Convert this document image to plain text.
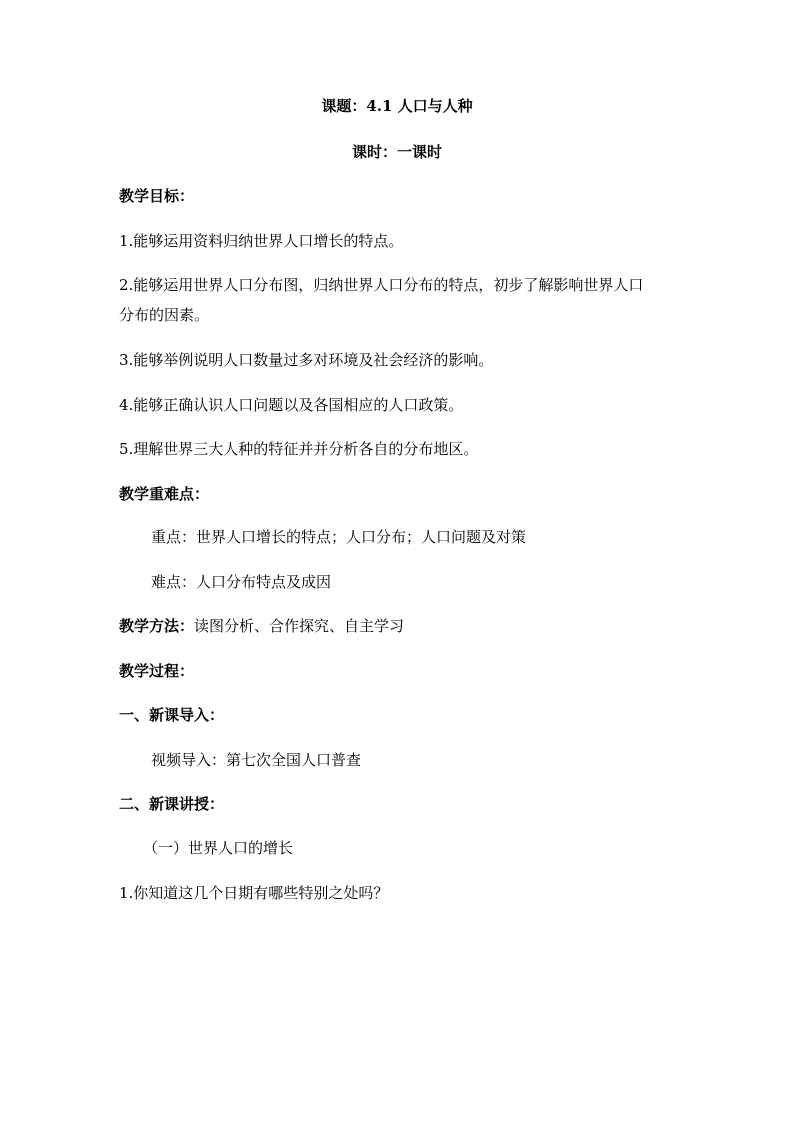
课题：4.1 人口与人种
课时：一课时
教学目标：
1.能够运用资料归纳世界人口增长的特点。
2.能够运用世界人口分布图，归纳世界人口分布的特点，初步了解影响世界人口
分布的因素。
3.能够举例说明人口数量过多对环境及社会经济的影响。
4.能够正确认识人口问题以及各国相应的人口政策。
5.理解世界三大人种的特征并并分析各自的分布地区。
教学重难点：
重点：世界人口增长的特点；人口分布；人口问题及对策
难点：人口分布特点及成因
教学方法：读图分析、合作探究、自主学习
教学过程：
一、新课导入：
视频导入：第七次全国人口普查
二、新课讲授：
（一）世界人口的增长
1.你知道这几个日期有哪些特别之处吗？
